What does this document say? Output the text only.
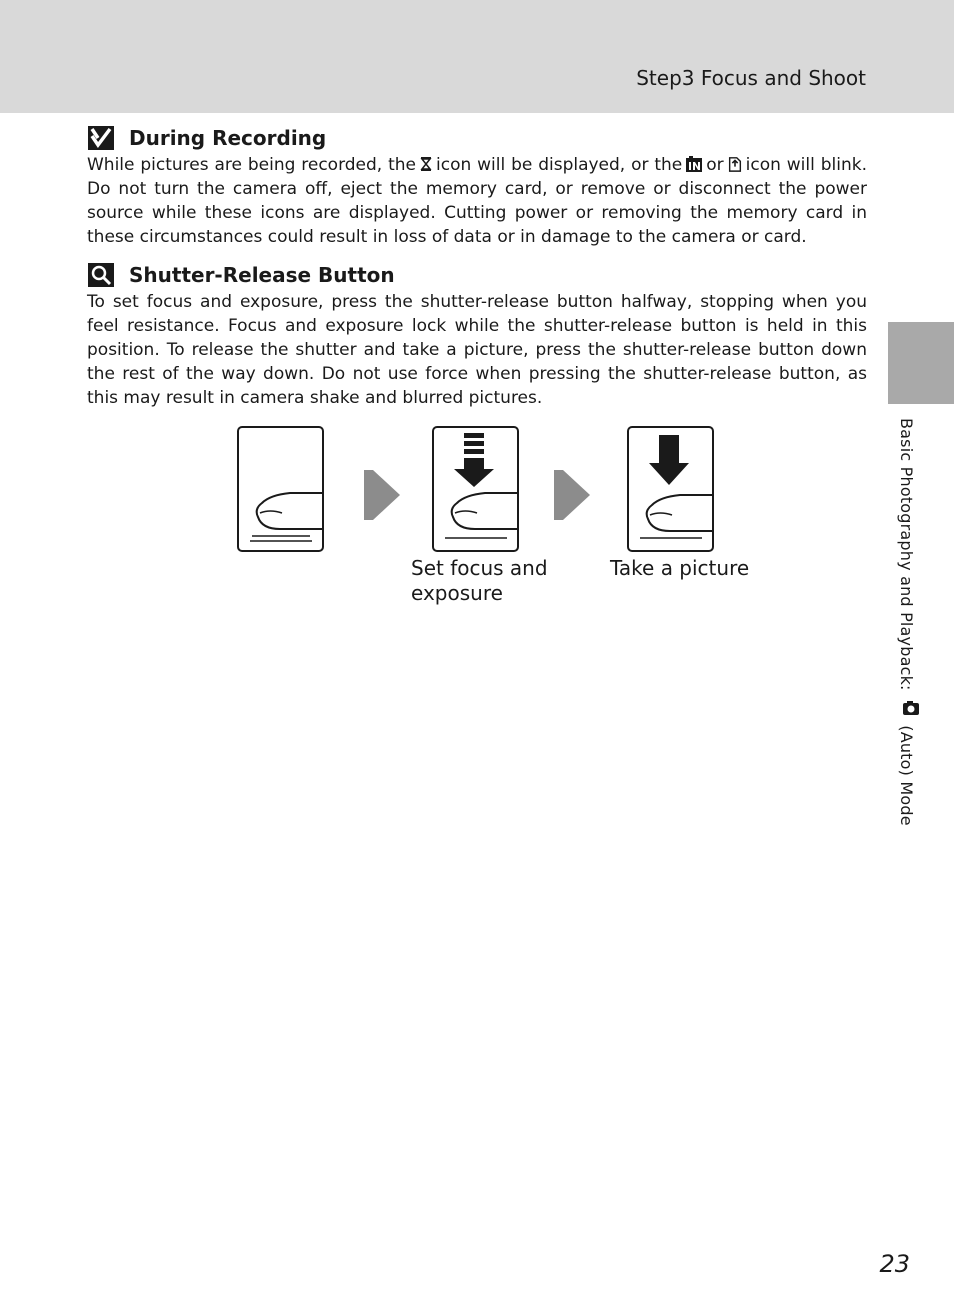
Step3 Focus and Shoot
Basic Photography and Playback:  (Auto) Mode
During Recording
While pictures are being recorded, the icon will be displayed, or the or icon will blink. Do not turn the camera off, eject the memory card, or remove or disconnect the power source while these icons are displayed. Cutting power or removing the memory card in these circumstances could result in loss of data or in damage to the camera or card.
Shutter-Release Button
To set focus and exposure, press the shutter-release button halfway, stopping when you feel resistance. Focus and exposure lock while the shutter-release button is held in this position. To release the shutter and take a picture, press the shutter-release button down the rest of the way down. Do not use force when pressing the shutter-release button, as this may result in camera shake and blurred pictures.
Set focus and
exposure
Take a picture
23
